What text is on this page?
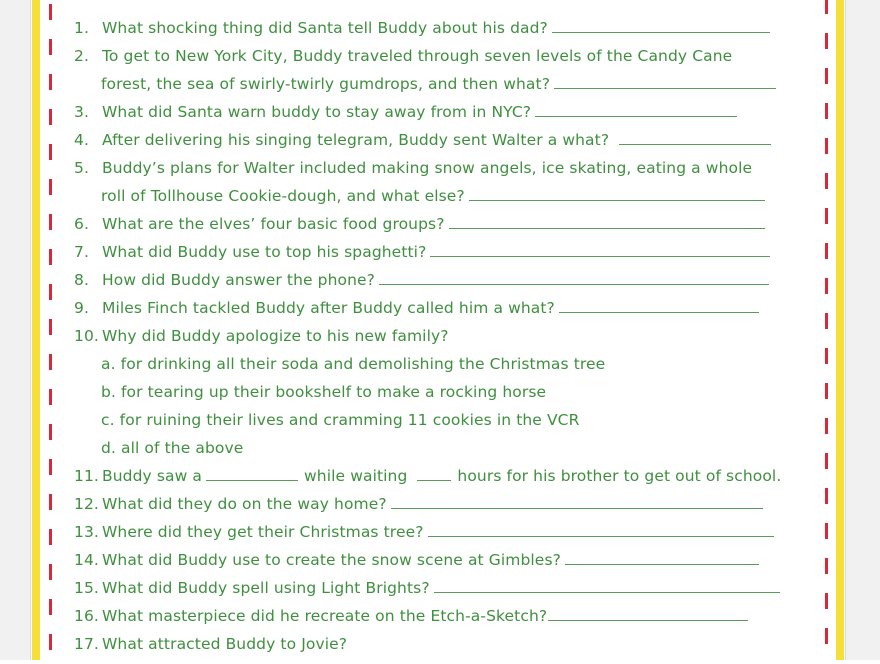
1. What shocking thing did Santa tell Buddy about his dad?
2. To get to New York City, Buddy traveled through seven levels of the Candy Cane
forest, the sea of swirly-twirly gumdrops, and then what?
3. What did Santa warn buddy to stay away from in NYC?
4. After delivering his singing telegram, Buddy sent Walter a what?
5. Buddy’s plans for Walter included making snow angels, ice skating, eating a whole
roll of Tollhouse Cookie-dough, and what else?
6. What are the elves’ four basic food groups?
7. What did Buddy use to top his spaghetti?
8. How did Buddy answer the phone?
9. Miles Finch tackled Buddy after Buddy called him a what?
10. Why did Buddy apologize to his new family?
a. for drinking all their soda and demolishing the Christmas tree
b. for tearing up their bookshelf to make a rocking horse
c. for ruining their lives and cramming 11 cookies in the VCR
d. all of the above
11. Buddy saw a	while waiting	hours for his brother to get out of school.
12. What did they do on the way home?
13. Where did they get their Christmas tree?
14. What did Buddy use to create the snow scene at Gimbles?
15. What did Buddy spell using Light Brights?
16. What masterpiece did he recreate on the Etch-a-Sketch?
17. What attracted Buddy to Jovie?
